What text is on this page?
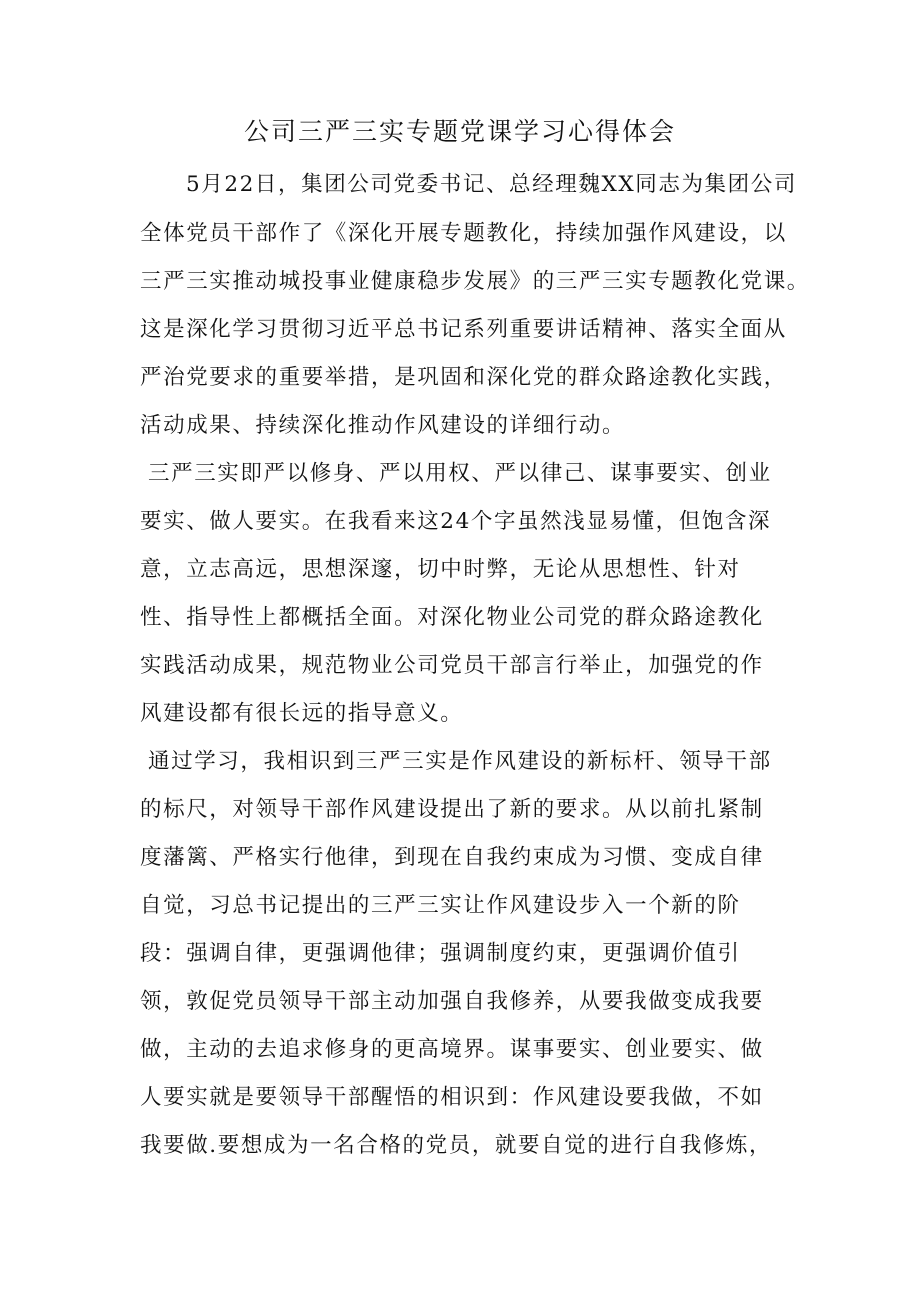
公司三严三实专题党课学习心得体会
5月22日，集团公司党委书记、总经理魏XX同志为集团公司
全体党员干部作了《深化开展专题教化，持续加强作风建设，以
三严三实推动城投事业健康稳步发展》的三严三实专题教化党课。
这是深化学习贯彻习近平总书记系列重要讲话精神、落实全面从
严治党要求的重要举措，是巩固和深化党的群众路途教化实践，
活动成果、持续深化推动作风建设的详细行动。
三严三实即严以修身、严以用权、严以律己、谋事要实、创业
要实、做人要实。在我看来这24个字虽然浅显易懂，但饱含深
意，立志高远，思想深邃，切中时弊，无论从思想性、针对
性、指导性上都概括全面。对深化物业公司党的群众路途教化
实践活动成果，规范物业公司党员干部言行举止，加强党的作
风建设都有很长远的指导意义。
通过学习，我相识到三严三实是作风建设的新标杆、领导干部
的标尺，对领导干部作风建设提出了新的要求。从以前扎紧制
度藩篱、严格实行他律，到现在自我约束成为习惯、变成自律
自觉，习总书记提出的三严三实让作风建设步入一个新的阶
段：强调自律，更强调他律；强调制度约束，更强调价值引
领，敦促党员领导干部主动加强自我修养，从要我做变成我要
做，主动的去追求修身的更高境界。谋事要实、创业要实、做
人要实就是要领导干部醒悟的相识到：作风建设要我做，不如
我要做.要想成为一名合格的党员，就要自觉的进行自我修炼，
